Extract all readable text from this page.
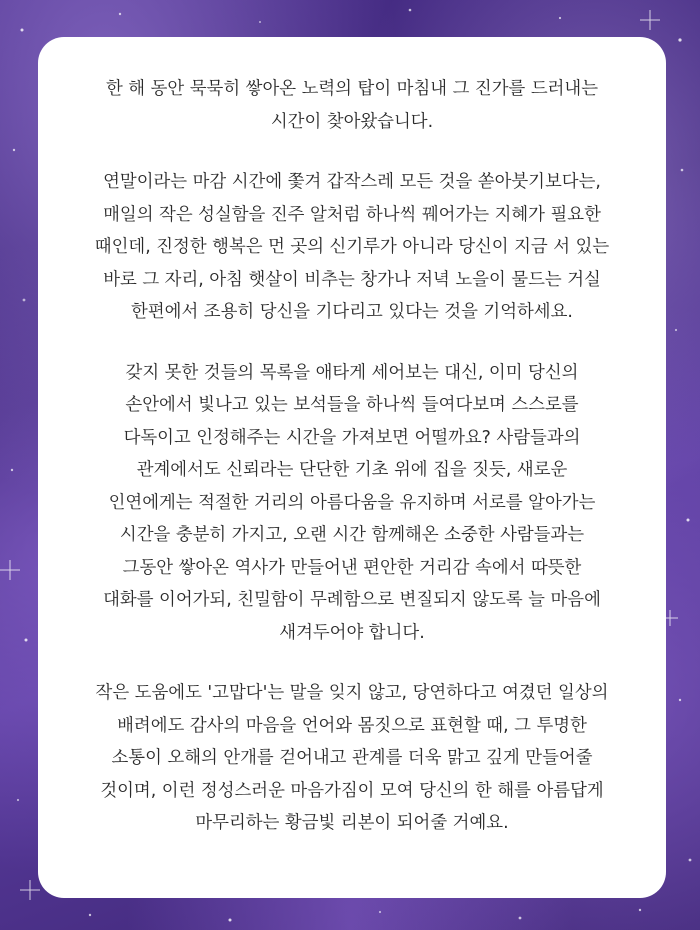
한 해 동안 묵묵히 쌓아온 노력의 탑이 마침내 그 진가를 드러내는
시간이 찾아왔습니다.
연말이라는 마감 시간에 쫓겨 갑작스레 모든 것을 쏟아붓기보다는,
매일의 작은 성실함을 진주 알처럼 하나씩 꿰어가는 지혜가 필요한
때인데, 진정한 행복은 먼 곳의 신기루가 아니라 당신이 지금 서 있는
바로 그 자리, 아침 햇살이 비추는 창가나 저녁 노을이 물드는 거실
한편에서 조용히 당신을 기다리고 있다는 것을 기억하세요.
갖지 못한 것들의 목록을 애타게 세어보는 대신, 이미 당신의
손안에서 빛나고 있는 보석들을 하나씩 들여다보며 스스로를
다독이고 인정해주는 시간을 가져보면 어떨까요? 사람들과의
관계에서도 신뢰라는 단단한 기초 위에 집을 짓듯, 새로운
인연에게는 적절한 거리의 아름다움을 유지하며 서로를 알아가는
시간을 충분히 가지고, 오랜 시간 함께해온 소중한 사람들과는
그동안 쌓아온 역사가 만들어낸 편안한 거리감 속에서 따뜻한
대화를 이어가되, 친밀함이 무례함으로 변질되지 않도록 늘 마음에
새겨두어야 합니다.
작은 도움에도 '고맙다'는 말을 잊지 않고, 당연하다고 여겼던 일상의
배려에도 감사의 마음을 언어와 몸짓으로 표현할 때, 그 투명한
소통이 오해의 안개를 걷어내고 관계를 더욱 맑고 깊게 만들어줄
것이며, 이런 정성스러운 마음가짐이 모여 당신의 한 해를 아름답게
마무리하는 황금빛 리본이 되어줄 거예요.
